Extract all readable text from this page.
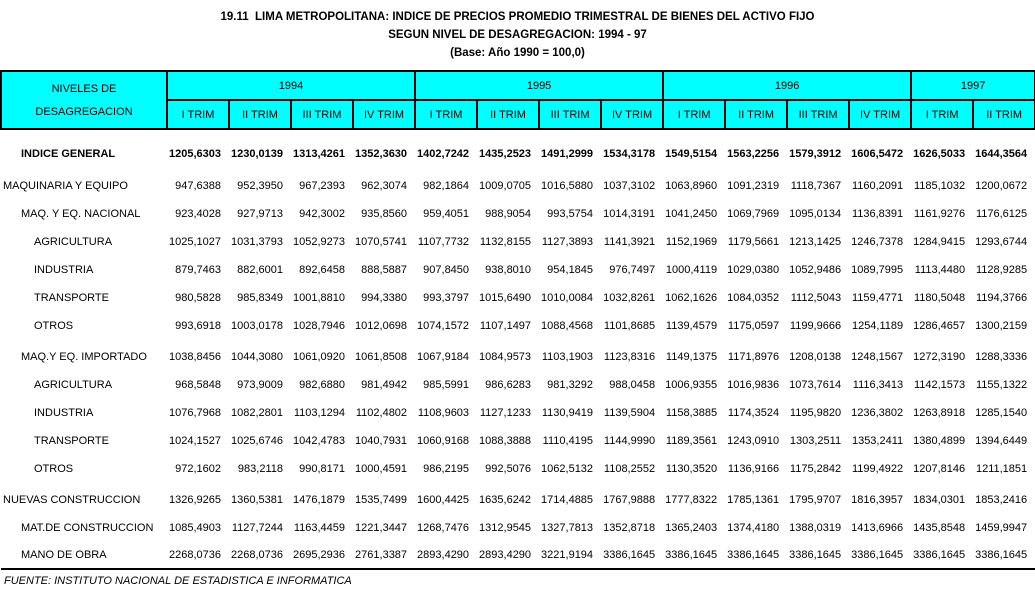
19.11  LIMA METROPOLITANA: INDICE DE PRECIOS PROMEDIO TRIMESTRAL DE BIENES DEL ACTIVO FIJO
SEGUN NIVEL DE DESAGREGACION: 1994 - 97
(Base: Año 1990 = 100,0)
NIVELES DE
DESAGREGACION	1994				1995				1996				1997	
	I TRIM	II TRIM	III TRIM	IV TRIM	I TRIM	II TRIM	III TRIM	IV TRIM	I TRIM	II TRIM	III TRIM	IV TRIM	I TRIM	II TRIM
INDICE GENERAL	1205,6303	1230,0139	1313,4261	1352,3630	1402,7242	1435,2523	1491,2999	1534,3178	1549,5154	1563,2256	1579,3912	1606,5472	1626,5033	1644,3564
MAQUINARIA Y EQUIPO	947,6388	952,3950	967,2393	962,3074	982,1864	1009,0705	1016,5880	1037,3102	1063,8960	1091,2319	1118,7367	1160,2091	1185,1032	1200,0672
MAQ. Y EQ. NACIONAL	923,4028	927,9713	942,3002	935,8560	959,4051	988,9054	993,5754	1014,3191	1041,2450	1069,7969	1095,0134	1136,8391	1161,9276	1176,6125
AGRICULTURA	1025,1027	1031,3793	1052,9273	1070,5741	1107,7732	1132,8155	1127,3893	1141,3921	1152,1969	1179,5661	1213,1425	1246,7378	1284,9415	1293,6744
INDUSTRIA	879,7463	882,6001	892,6458	888,5887	907,8450	938,8010	954,1845	976,7497	1000,4119	1029,0380	1052,9486	1089,7995	1113,4480	1128,9285
TRANSPORTE	980,5828	985,8349	1001,8810	994,3380	993,3797	1015,6490	1010,0084	1032,8261	1062,1626	1084,0352	1112,5043	1159,4771	1180,5048	1194,3766
OTROS	993,6918	1003,0178	1028,7946	1012,0698	1074,1572	1107,1497	1088,4568	1101,8685	1139,4579	1175,0597	1199,9666	1254,1189	1286,4657	1300,2159
MAQ.Y EQ. IMPORTADO	1038,8456	1044,3080	1061,0920	1061,8508	1067,9184	1084,9573	1103,1903	1123,8316	1149,1375	1171,8976	1208,0138	1248,1567	1272,3190	1288,3336
AGRICULTURA	968,5848	973,9009	982,6880	981,4942	985,5991	986,6283	981,3292	988,0458	1006,9355	1016,9836	1073,7614	1116,3413	1142,1573	1155,1322
INDUSTRIA	1076,7968	1082,2801	1103,1294	1102,4802	1108,9603	1127,1233	1130,9419	1139,5904	1158,3885	1174,3524	1195,9820	1236,3802	1263,8918	1285,1540
TRANSPORTE	1024,1527	1025,6746	1042,4783	1040,7931	1060,9168	1088,3888	1110,4195	1144,9990	1189,3561	1243,0910	1303,2511	1353,2411	1380,4899	1394,6449
OTROS	972,1602	983,2118	990,8171	1000,4591	986,2195	992,5076	1062,5132	1108,2552	1130,3520	1136,9166	1175,2842	1199,4922	1207,8146	1211,1851
NUEVAS CONSTRUCCION	1326,9265	1360,5381	1476,1879	1535,7499	1600,4425	1635,6242	1714,4885	1767,9888	1777,8322	1785,1361	1795,9707	1816,3957	1834,0301	1853,2416
MAT.DE CONSTRUCCION	1085,4903	1127,7244	1163,4459	1221,3447	1268,7476	1312,9545	1327,7813	1352,8718	1365,2403	1374,4180	1388,0319	1413,6966	1435,8548	1459,9947
MANO DE OBRA	2268,0736	2268,0736	2695,2936	2761,3387	2893,4290	2893,4290	3221,9194	3386,1645	3386,1645	3386,1645	3386,1645	3386,1645	3386,1645	3386,1645
FUENTE: INSTITUTO NACIONAL DE ESTADISTICA E INFORMATICA
